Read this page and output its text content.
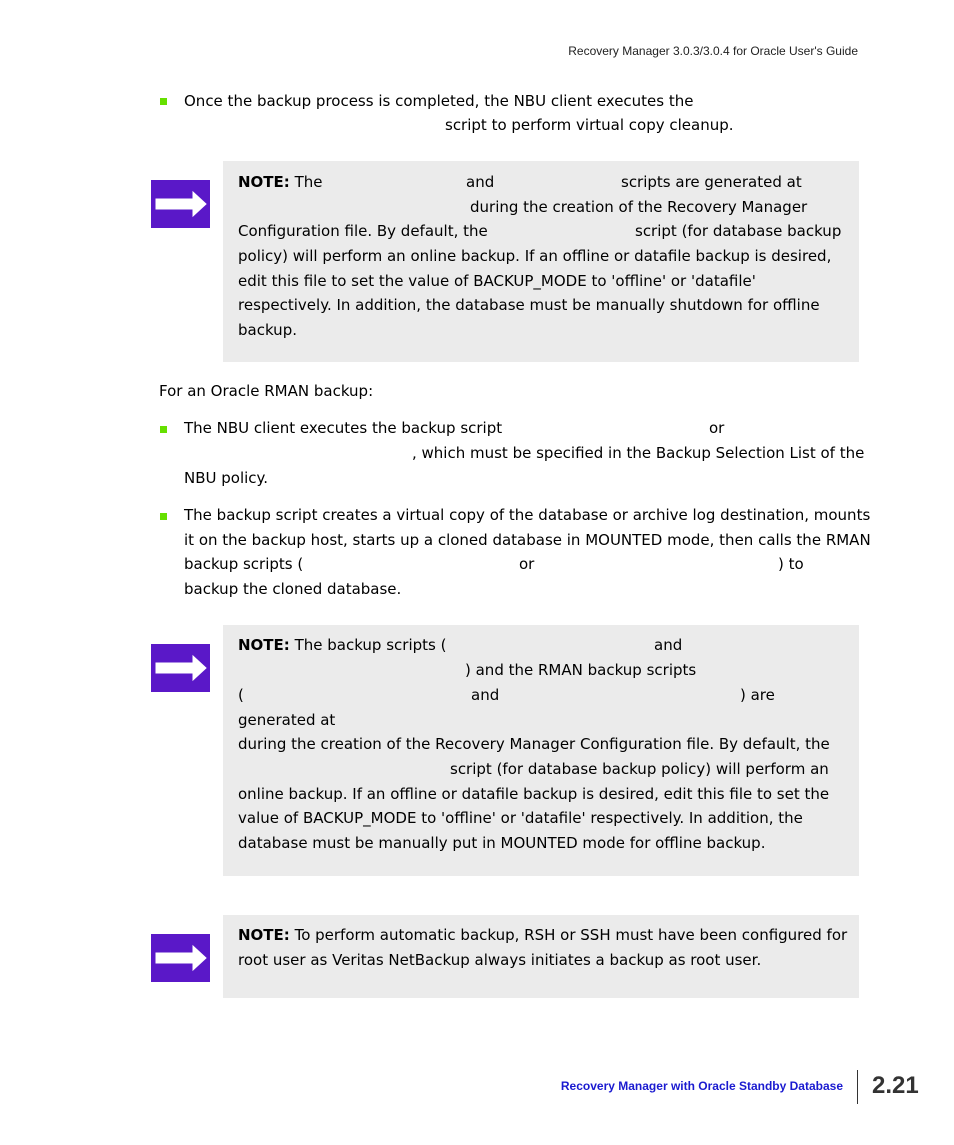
Recovery Manager 3.0.3/3.0.4 for Oracle User's Guide
Once the backup process is completed, the NBU client executes the
script to perform virtual copy cleanup.
NOTE: The	and	scripts are generated at
during the creation of the Recovery Manager
Configuration file. By default, the	script (for database backup
policy) will perform an online backup. If an offline or datafile backup is desired,
edit this file to set the value of BACKUP_MODE to 'offline' or 'datafile'
respectively. In addition, the database must be manually shutdown for offline
backup.
For an Oracle RMAN backup:
The NBU client executes the backup script	or
, which must be specified in the Backup Selection List of the
NBU policy.
The backup script creates a virtual copy of the database or archive log destination, mounts
it on the backup host, starts up a cloned database in MOUNTED mode, then calls the RMAN
backup scripts (	or	) to
backup the cloned database.
NOTE: The backup scripts (	and
) and the RMAN backup scripts
(	and	) are
generated at
during the creation of the Recovery Manager Configuration file. By default, the
script (for database backup policy) will perform an
online backup. If an offline or datafile backup is desired, edit this file to set the
value of BACKUP_MODE to 'offline' or 'datafile' respectively. In addition, the
database must be manually put in MOUNTED mode for offline backup.
NOTE: To perform automatic backup, RSH or SSH must have been configured for
root user as Veritas NetBackup always initiates a backup as root user.
Recovery Manager with Oracle Standby Database 2.21
